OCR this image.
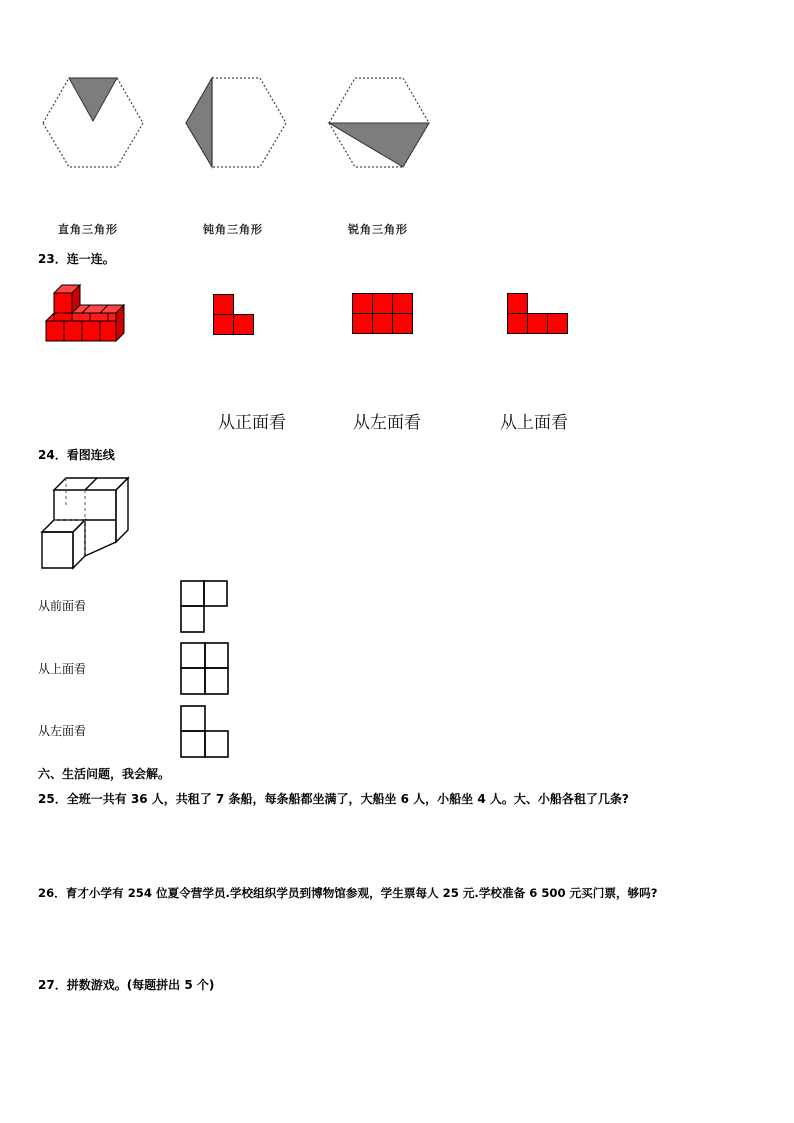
直角三角形	钝角三角形	锐角三角形
23．连一连。
从正面看	从左面看	从上面看
24．看图连线
从前面看
从上面看
从左面看
六、生活问题，我会解。
25．全班一共有 36 人，共租了 7 条船，每条船都坐满了，大船坐 6 人，小船坐 4 人。大、小船各租了几条?
26．育才小学有 254 位夏令营学员.学校组织学员到博物馆参观，学生票每人 25 元.学校准备 6 500 元买门票，够吗?
27．拼数游戏。(每题拼出 5 个)
